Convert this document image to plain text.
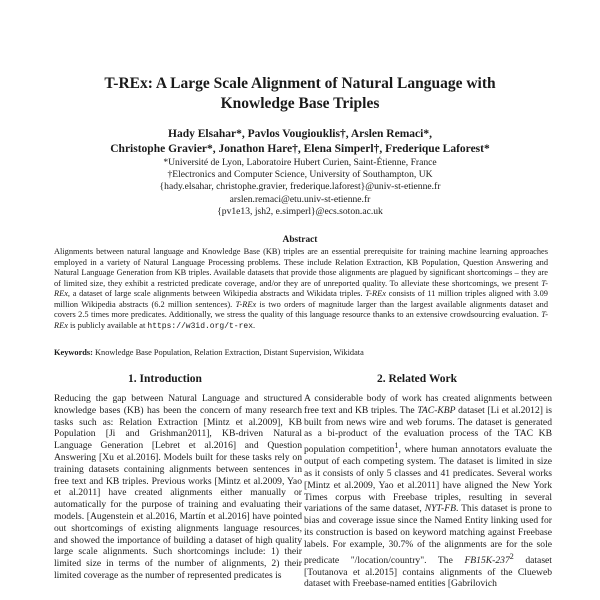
T-REx: A Large Scale Alignment of Natural Language with
Knowledge Base Triples
Hady Elsahar*, Pavlos Vougiouklis†, Arslen Remaci*,
Christophe Gravier*, Jonathon Hare†, Elena Simperl†, Frederique Laforest*
*Université de Lyon, Laboratoire Hubert Curien, Saint-Étienne, France
†Electronics and Computer Science, University of Southampton, UK
{hady.elsahar, christophe.gravier, frederique.laforest}@univ-st-etienne.fr
arslen.remaci@etu.univ-st-etienne.fr
{pv1e13, jsh2, e.simperl}@ecs.soton.ac.uk
Abstract
Alignments between natural language and Knowledge Base (KB) triples are an essential prerequisite for training machine learning approaches employed in a variety of Natural Language Processing problems. These include Relation Extraction, KB Population, Question Answering and Natural Language Generation from KB triples. Available datasets that provide those alignments are plagued by significant shortcomings – they are of limited size, they exhibit a restricted predicate coverage, and/or they are of unreported quality. To alleviate these shortcomings, we present T-REx, a dataset of large scale alignments between Wikipedia abstracts and Wikidata triples. T-REx consists of 11 million triples aligned with 3.09 million Wikipedia abstracts (6.2 million sentences). T-REx is two orders of magnitude larger than the largest available alignments dataset and covers 2.5 times more predicates. Additionally, we stress the quality of this language resource thanks to an extensive crowdsourcing evaluation. T-REx is publicly available at https://w3id.org/t-rex.
Keywords: Knowledge Base Population, Relation Extraction, Distant Supervision, Wikidata
1. Introduction	2. Related Work
Reducing the gap between Natural Language and structured knowledge bases (KB) has been the concern of many research tasks such as: Relation Extraction [Mintz et al.2009], KB Population [Ji and Grishman2011], KB-driven Natural Language Generation [Lebret et al.2016] and Question Answering [Xu et al.2016]. Models built for these tasks rely on training datasets containing alignments between sentences in free text and KB triples. Previous works [Mintz et al.2009, Yao et al.2011] have created alignments either manually or automatically for the purpose of training and evaluating their models. [Augenstein et al.2016, Martín et al.2016] have pointed out shortcomings of existing alignments language resources, and showed the importance of building a dataset of high quality large scale alignments. Such shortcomings include: 1) their limited size in terms of the number of alignments, 2) their limited coverage as the number of represented predicates is
A considerable body of work has created alignments between free text and KB triples. The TAC-KBP dataset [Li et al.2012] is built from news wire and web forums. The dataset is generated as a bi-product of the evaluation process of the TAC KB population competition$^1$, where human annotators evaluate the output of each competing system. The dataset is limited in size as it consists of only 5 classes and 41 predicates. Several works [Mintz et al.2009, Yao et al.2011] have aligned the New York Times corpus with Freebase triples, resulting in several variations of the same dataset, NYT-FB. This dataset is prone to bias and coverage issue since the Named Entity linking used for its construction is based on keyword matching against Freebase labels. For example, 30.7% of the alignments are for the sole predicate "/location/country". The $FB15K-237^2$ dataset [Toutanova et al.2015] contains alignments of the Clueweb dataset with Freebase-named entities [Gabrilovich
